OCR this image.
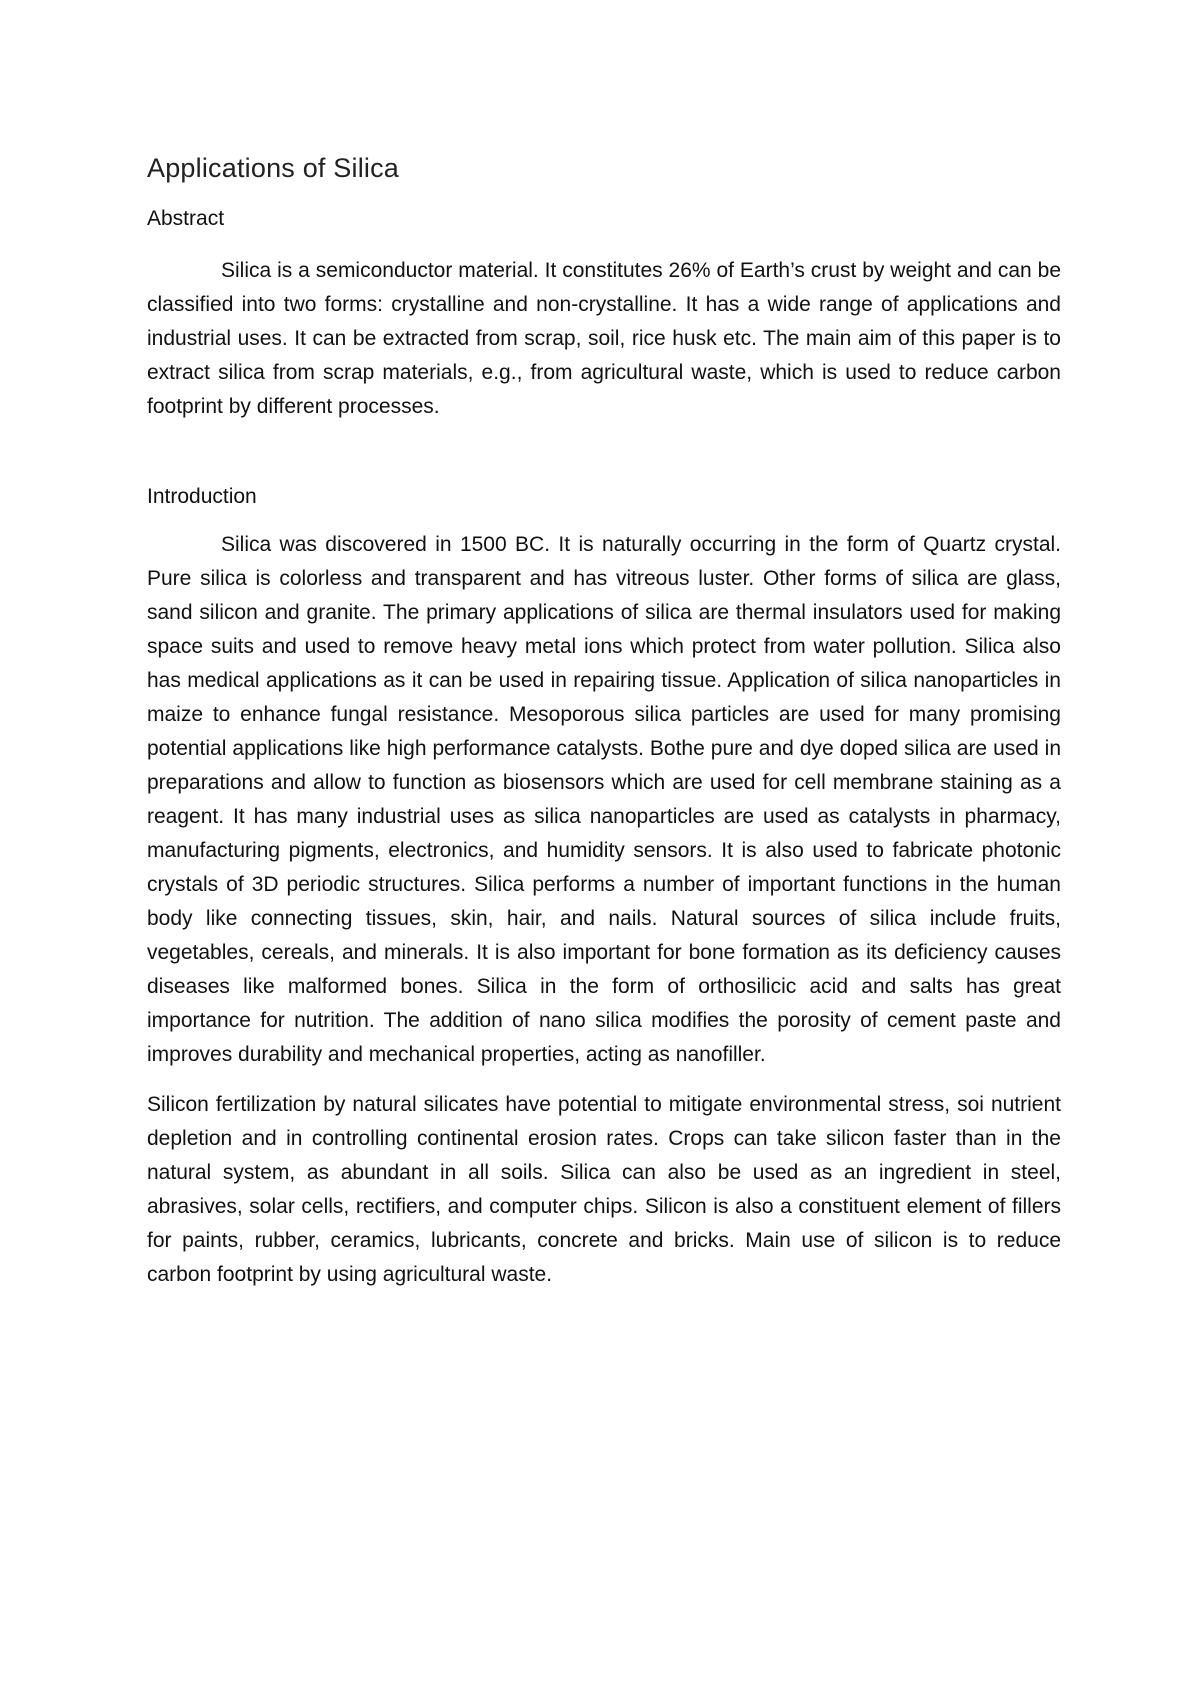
Applications of Silica
Abstract

Silica is a semiconductor material. It constitutes 26% of Earth’s crust by weight and can be classified into two forms: crystalline and non-crystalline. It has a wide range of applications and industrial uses. It can be extracted from scrap, soil, rice husk etc. The main aim of this paper is to extract silica from scrap materials, e.g., from agricultural waste, which is used to reduce carbon footprint by different processes.

Introduction

Silica was discovered in 1500 BC. It is naturally occurring in the form of Quartz crystal. Pure silica is colorless and transparent and has vitreous luster. Other forms of silica are glass, sand silicon and granite. The primary applications of silica are thermal insulators used for making space suits and used to remove heavy metal ions which protect from water pollution. Silica also has medical applications as it can be used in repairing tissue. Application of silica nanoparticles in maize to enhance fungal resistance. Mesoporous silica particles are used for many promising potential applications like high performance catalysts. Bothe pure and dye doped silica are used in preparations and allow to function as biosensors which are used for cell membrane staining as a reagent. It has many industrial uses as silica nanoparticles are used as catalysts in pharmacy, manufacturing pigments, electronics, and humidity sensors. It is also used to fabricate photonic crystals of 3D periodic structures. Silica performs a number of important functions in the human body like connecting tissues, skin, hair, and nails. Natural sources of silica include fruits, vegetables, cereals, and minerals. It is also important for bone formation as its deficiency causes diseases like malformed bones. Silica in the form of orthosilicic acid and salts has great importance for nutrition. The addition of nano silica modifies the porosity of cement paste and improves durability and mechanical properties, acting as nanofiller.

Silicon fertilization by natural silicates have potential to mitigate environmental stress, soi nutrient depletion and in controlling continental erosion rates. Crops can take silicon faster than in the natural system, as abundant in all soils. Silica can also be used as an ingredient in steel, abrasives, solar cells, rectifiers, and computer chips. Silicon is also a constituent element of fillers for paints, rubber, ceramics, lubricants, concrete and bricks. Main use of silicon is to reduce carbon footprint by using agricultural waste.
